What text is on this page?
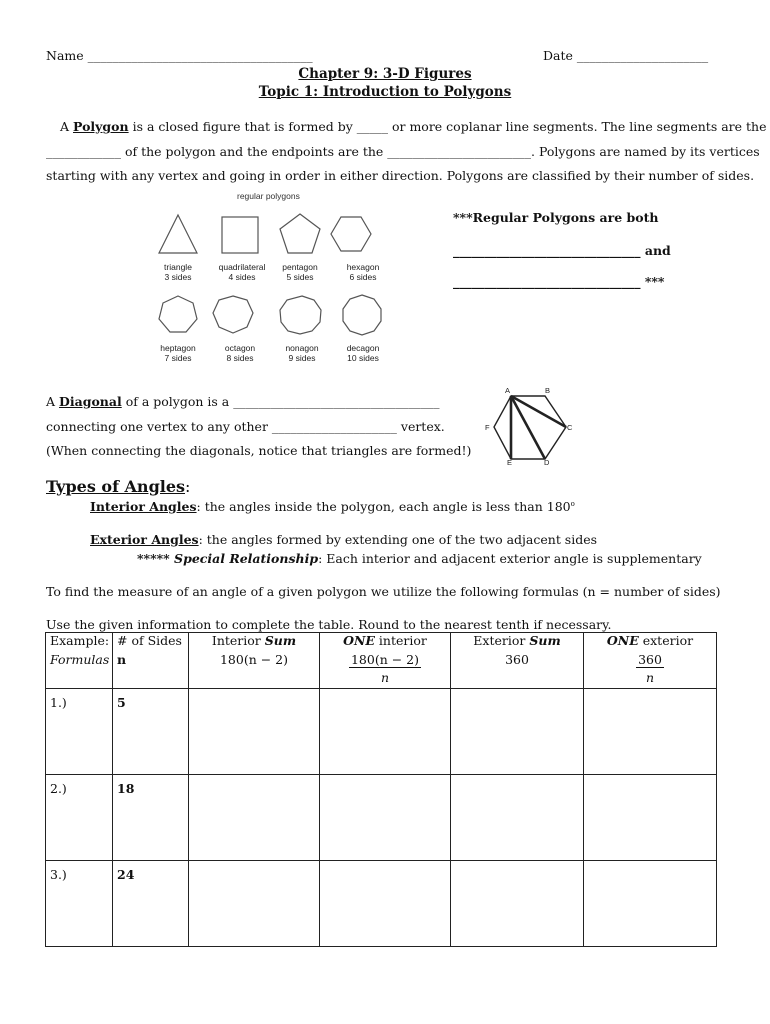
Name ____________________________________	Date _____________________
Chapter 9: 3-D Figures
Topic 1: Introduction to Polygons
A Polygon is a closed figure that is formed by _____ or more coplanar line segments. The line segments are the
____________ of the polygon and the endpoints are the _______________________. Polygons are named by its vertices
starting with any vertex and going in order in either direction. Polygons are classified by their number of sides.
regular polygons
triangle
3 sides
quadrilateral
4 sides
pentagon
5 sides
hexagon
6 sides
heptagon
7 sides
octagon
8 sides
nonagon
9 sides
decagon
10 sides
***Regular Polygons are both
______________________________ and
______________________________ ***
A Diagonal of a polygon is a _________________________________
connecting one vertex to any other ____________________ vertex.
(When connecting the diagonals, notice that triangles are formed!)
A	B
C
D
E
F
Types of Angles:
Interior Angles: the angles inside the polygon, each angle is less than 180$^o$
Exterior Angles: the angles formed by extending one of the two adjacent sides
***** Special Relationship: Each interior and adjacent exterior angle is supplementary
To find the measure of an angle of a given polygon we utilize the following formulas (n = number of sides)
Use the given information to complete the table. Round to the nearest tenth if necessary.
Example:	# of Sides	Interior Sum	ONE interior	Exterior Sum	ONE exterior
Formulas	n	180(n − 2)	$\frac{180(n - 2)}{n}$	360	$\frac{360}{n}$

1.)	5				
2.)	18				
3.)	24				
